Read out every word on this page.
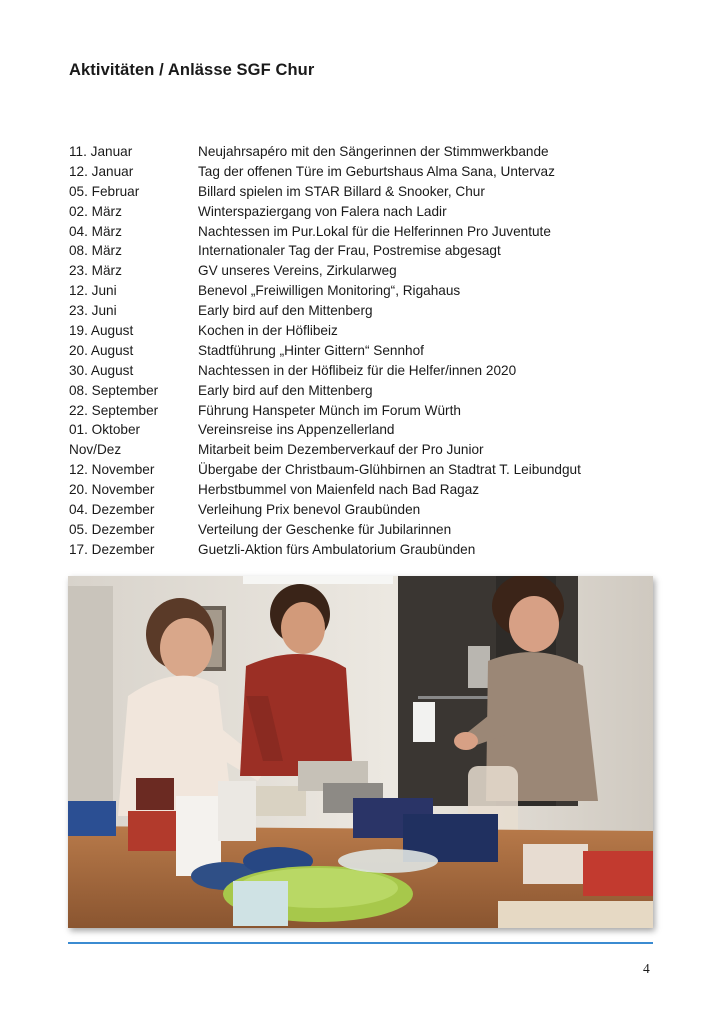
Aktivitäten / Anlässe SGF Chur
11. Januar	Neujahrsapéro mit den Sängerinnen der Stimmwerkbande
12. Januar	Tag der offenen Türe im Geburtshaus Alma Sana, Untervaz
05. Februar	Billard spielen im STAR Billard & Snooker, Chur
02. März	Winterspaziergang von Falera nach Ladir
04. März	Nachtessen im Pur.Lokal für die Helferinnen Pro Juventute
08. März	Internationaler Tag der Frau, Postremise abgesagt
23. März	GV unseres Vereins, Zirkularweg
12. Juni	Benevol „Freiwilligen Monitoring“, Rigahaus
23. Juni	Early bird auf den Mittenberg
19. August	Kochen in der Höflibeiz
20. August	Stadtführung „Hinter Gittern“ Sennhof
30. August	Nachtessen in der Höflibeiz für die Helfer/innen 2020
08. September	Early bird auf den Mittenberg
22. September	Führung Hanspeter Münch im Forum Würth
01. Oktober	Vereinsreise ins Appenzellerland
Nov/Dez	Mitarbeit beim Dezemberverkauf der Pro Junior
12. November	Übergabe der Christbaum-Glühbirnen an Stadtrat T. Leibundgut
20. November	Herbstbummel von Maienfeld nach Bad Ragaz
04. Dezember	Verleihung Prix benevol Graubünden
05. Dezember	Verteilung der Geschenke für Jubilarinnen
17. Dezember	Guetzli-Aktion fürs Ambulatorium Graubünden
4
